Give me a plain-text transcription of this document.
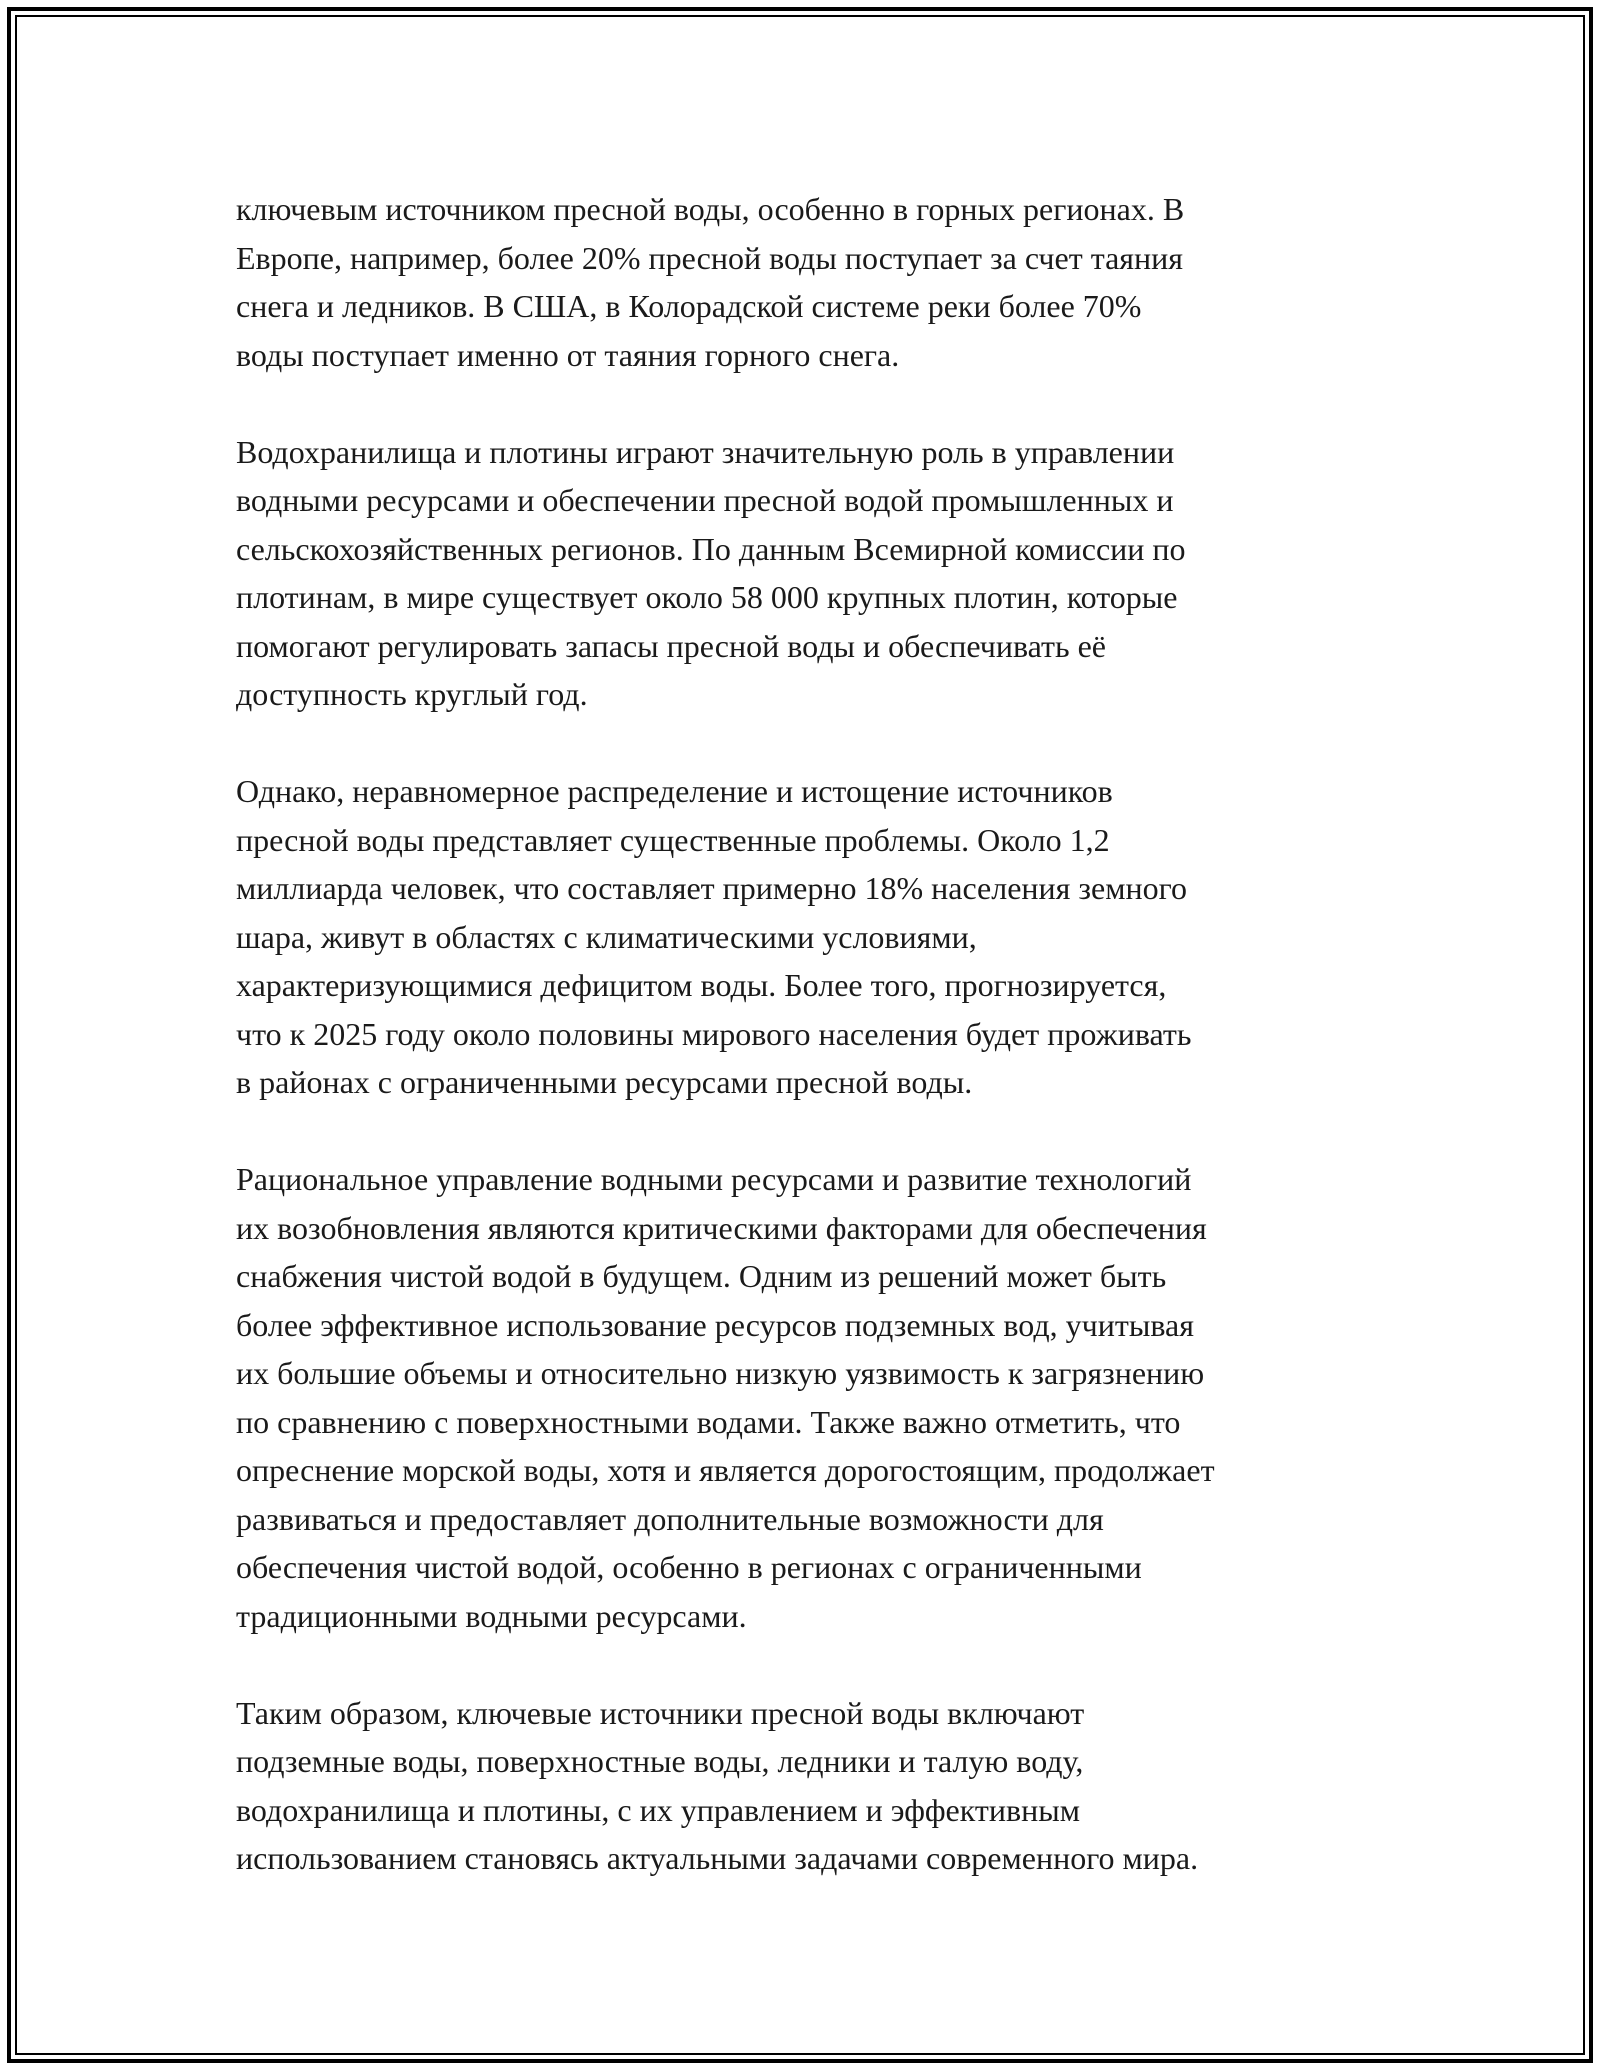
ключевым источником пресной воды, особенно в горных регионах. В
Европе, например, более 20% пресной воды поступает за счет таяния
снега и ледников. В США, в Колорадской системе реки более 70%
воды поступает именно от таяния горного снега.

Водохранилища и плотины играют значительную роль в управлении
водными ресурсами и обеспечении пресной водой промышленных и
сельскохозяйственных регионов. По данным Всемирной комиссии по
плотинам, в мире существует около 58 000 крупных плотин, которые
помогают регулировать запасы пресной воды и обеспечивать её
доступность круглый год.

Однако, неравномерное распределение и истощение источников
пресной воды представляет существенные проблемы. Около 1,2
миллиарда человек, что составляет примерно 18% населения земного
шара, живут в областях с климатическими условиями,
характеризующимися дефицитом воды. Более того, прогнозируется,
что к 2025 году около половины мирового населения будет проживать
в районах с ограниченными ресурсами пресной воды.

Рациональное управление водными ресурсами и развитие технологий
их возобновления являются критическими факторами для обеспечения
снабжения чистой водой в будущем. Одним из решений может быть
более эффективное использование ресурсов подземных вод, учитывая
их большие объемы и относительно низкую уязвимость к загрязнению
по сравнению с поверхностными водами. Также важно отметить, что
опреснение морской воды, хотя и является дорогостоящим, продолжает
развиваться и предоставляет дополнительные возможности для
обеспечения чистой водой, особенно в регионах с ограниченными
традиционными водными ресурсами.

Таким образом, ключевые источники пресной воды включают
подземные воды, поверхностные воды, ледники и талую воду,
водохранилища и плотины, с их управлением и эффективным
использованием становясь актуальными задачами современного мира.
